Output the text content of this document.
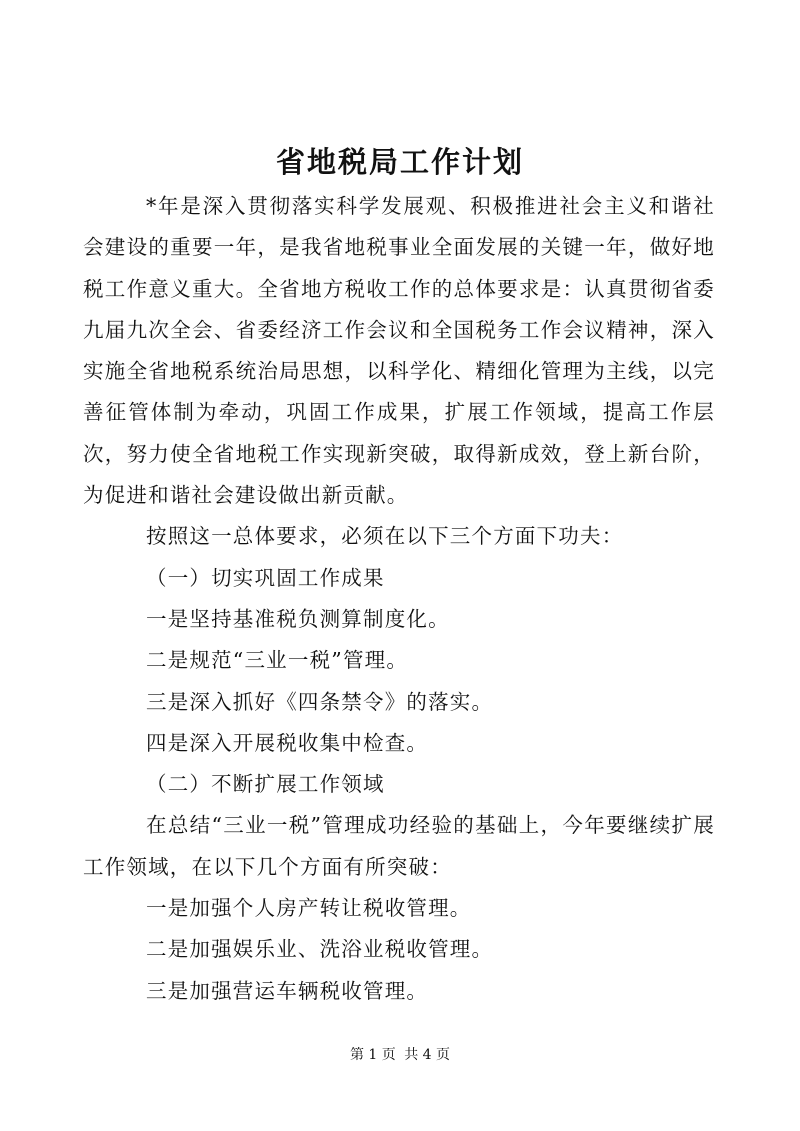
省地税局工作计划

*年是深入贯彻落实科学发展观、积极推进社会主义和谐社会建设的重要一年，是我省地税事业全面发展的关键一年，做好地税工作意义重大。全省地方税收工作的总体要求是：认真贯彻省委九届九次全会、省委经济工作会议和全国税务工作会议精神，深入实施全省地税系统治局思想，以科学化、精细化管理为主线，以完善征管体制为牵动，巩固工作成果，扩展工作领域，提高工作层次，努力使全省地税工作实现新突破，取得新成效，登上新台阶，为促进和谐社会建设做出新贡献。

按照这一总体要求，必须在以下三个方面下功夫：

（一）切实巩固工作成果

一是坚持基准税负测算制度化。

二是规范“三业一税”管理。

三是深入抓好《四条禁令》的落实。

四是深入开展税收集中检查。

（二）不断扩展工作领域

在总结“三业一税”管理成功经验的基础上，今年要继续扩展工作领域，在以下几个方面有所突破：

一是加强个人房产转让税收管理。

二是加强娱乐业、洗浴业税收管理。

三是加强营运车辆税收管理。

第 1 页 共 4 页
